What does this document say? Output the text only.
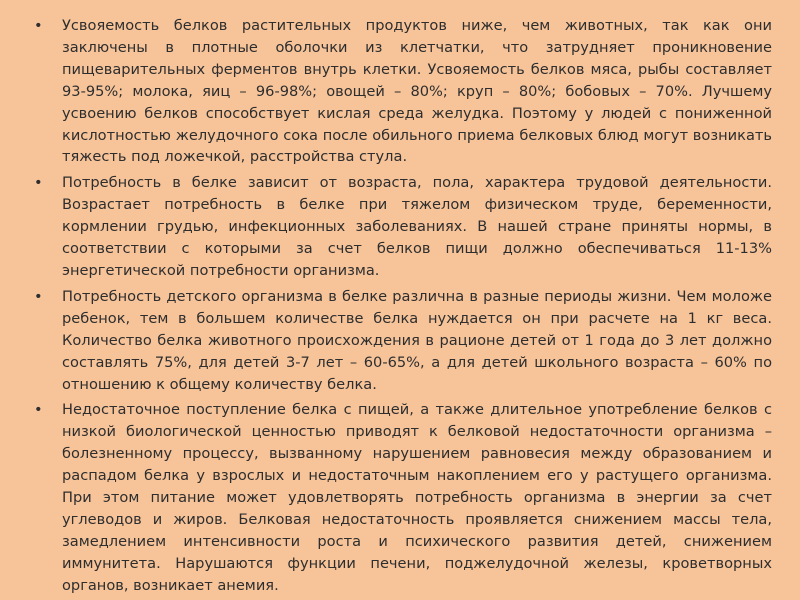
• Усвояемость белков растительных продуктов ниже, чем животных, так как они заключены в плотные оболочки из клетчатки, что затрудняет проникновение пищеварительных ферментов внутрь клетки. Усвояемость белков мяса, рыбы составляет 93-95%; молока, яиц – 96-98%; овощей – 80%; круп – 80%; бобовых – 70%. Лучшему усвоению белков способствует кислая среда желудка. Поэтому у людей с пониженной кислотностью желудочного сока после обильного приема белковых блюд могут возникать тяжесть под ложечкой, расстройства стула.
• Потребность в белке зависит от возраста, пола, характера трудовой деятельности. Возрастает потребность в белке при тяжелом физическом труде, беременности, кормлении грудью, инфекционных заболеваниях. В нашей стране приняты нормы, в соответствии с которыми за счет белков пищи должно обеспечиваться 11-13% энергетической потребности организма.
• Потребность детского организма в белке различна в разные периоды жизни. Чем моложе ребенок, тем в большем количестве белка нуждается он при расчете на 1 кг веса. Количество белка животного происхождения в рационе детей от 1 года до 3 лет должно составлять 75%, для детей 3-7 лет – 60-65%, а для детей школьного возраста – 60% по отношению к общему количеству белка.
• Недостаточное поступление белка с пищей, а также длительное употребление белков с низкой биологической ценностью приводят к белковой недостаточности организма – болезненному процессу, вызванному нарушением равновесия между образованием и распадом белка у взрослых и недостаточным накоплением его у растущего организма. При этом питание может удовлетворять потребность организма в энергии за счет углеводов и жиров. Белковая недостаточность проявляется снижением массы тела, замедлением интенсивности роста и психического развития детей, снижением иммунитета. Нарушаются функции печени, поджелудочной железы, кроветворных органов, возникает анемия.
